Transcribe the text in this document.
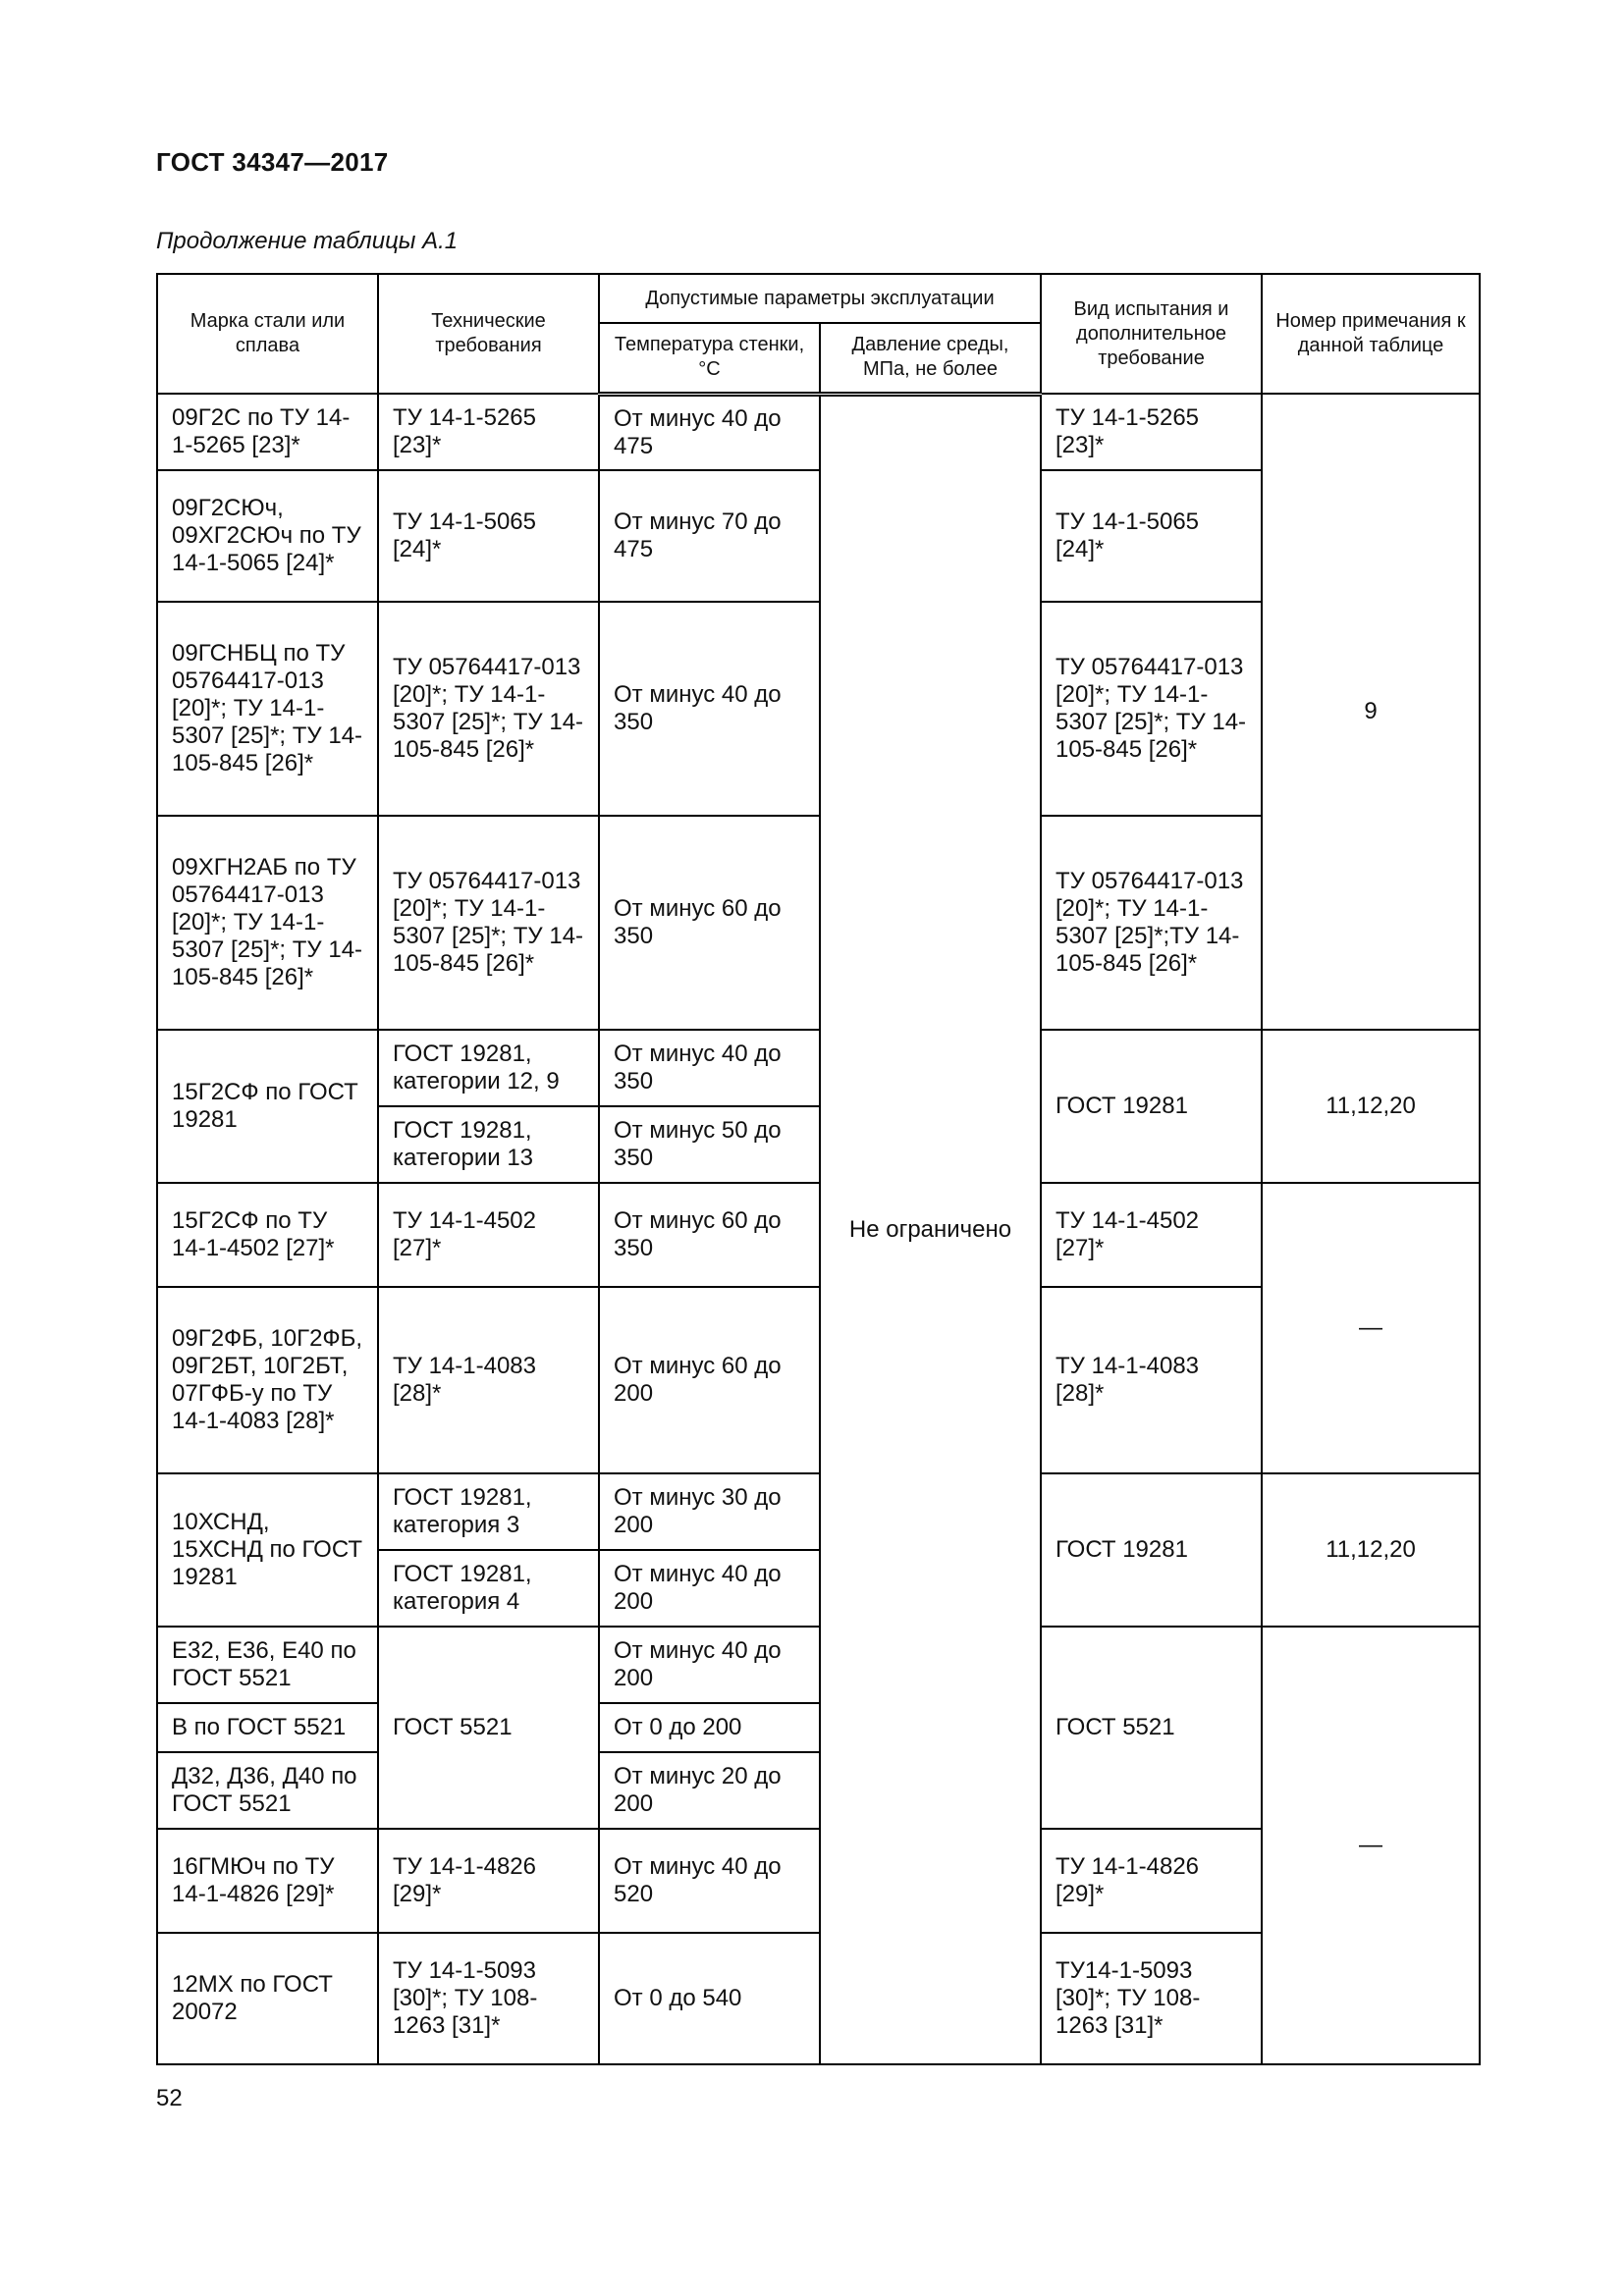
ГОСТ 34347—2017
Продолжение таблицы А.1
Марка стали или сплава	Технические требования	Допустимые параметры эксплуатации		Вид испытания и дополнительное требование	Номер примечания к данной таблице
		Температура стенки, °С	Давление среды, МПа, не более		
09Г2С по ТУ 14-1-5265 [23]*	ТУ 14-1-5265 [23]*	От минус 40 до 475	Не ограничено	ТУ 14-1-5265 [23]*	9
09Г2СЮч, 09ХГ2СЮч по ТУ 14-1-5065 [24]*	ТУ 14-1-5065 [24]*	От минус 70 до 475		ТУ 14-1-5065 [24]*	
09ГСНБЦ по ТУ 05764417-013 [20]*; ТУ 14-1-5307 [25]*; ТУ 14-105-845 [26]*	ТУ 05764417-013 [20]*; ТУ 14-1-5307 [25]*; ТУ 14-105-845 [26]*	От минус 40 до 350		ТУ 05764417-013 [20]*; ТУ 14-1-5307 [25]*; ТУ 14-105-845 [26]*	
09ХГН2АБ по ТУ 05764417-013 [20]*; ТУ 14-1-5307 [25]*; ТУ 14-105-845 [26]*	ТУ 05764417-013 [20]*; ТУ 14-1-5307 [25]*; ТУ 14-105-845 [26]*	От минус 60 до 350		ТУ 05764417-013 [20]*; ТУ 14-1-5307 [25]*;ТУ 14-105-845 [26]*	
15Г2СФ по ГОСТ 19281	ГОСТ 19281, категории 12, 9	От минус 40 до 350		ГОСТ 19281	11,12,20
	ГОСТ 19281, категории 13	От минус 50 до 350			
15Г2СФ по ТУ 14-1-4502 [27]*	ТУ 14-1-4502 [27]*	От минус 60 до 350		ТУ 14-1-4502 [27]*	—
09Г2ФБ, 10Г2ФБ, 09Г2БТ, 10Г2БТ, 07ГФБ-у по ТУ 14-1-4083 [28]*	ТУ 14-1-4083 [28]*	От минус 60 до 200		ТУ 14-1-4083 [28]*	
10ХСНД, 15ХСНД по ГОСТ 19281	ГОСТ 19281, категория 3	От минус 30 до 200		ГОСТ 19281	11,12,20
	ГОСТ 19281, категория 4	От минус 40 до 200			
Е32, Е36, Е40 по ГОСТ 5521	ГОСТ 5521	От минус 40 до 200		ГОСТ 5521	—
В по ГОСТ 5521		От 0 до 200			
Д32, Д36, Д40 по ГОСТ 5521		От минус 20 до 200			
16ГМЮч по ТУ 14-1-4826 [29]*	ТУ 14-1-4826 [29]*	От минус 40 до 520		ТУ 14-1-4826 [29]*	
12МХ по ГОСТ 20072	ТУ 14-1-5093 [30]*; ТУ 108-1263 [31]*	От 0 до 540		ТУ14-1-5093 [30]*; ТУ 108-1263 [31]*	
52
